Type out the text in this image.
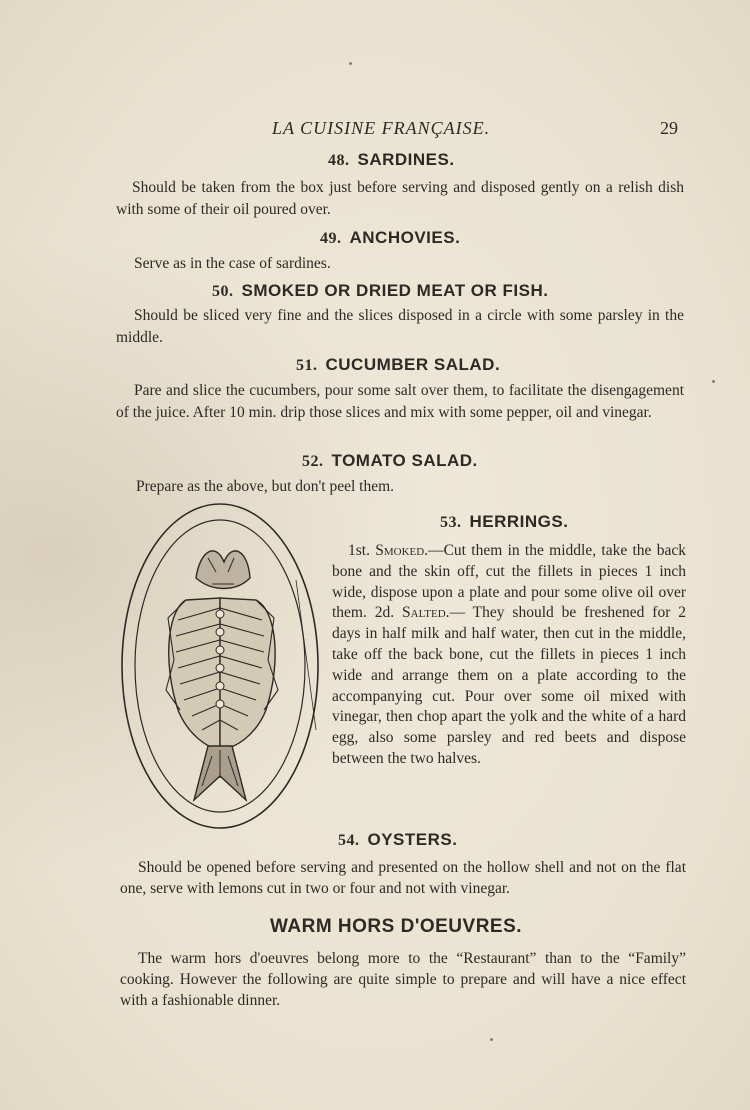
LA CUISINE FRANÇAISE.	29
48. SARDINES.
Should be taken from the box just before serving and disposed gently on a relish dish with some of their oil poured over.
49. ANCHOVIES.
Serve as in the case of sardines.
50. SMOKED OR DRIED MEAT OR FISH.
Should be sliced very fine and the slices disposed in a circle with some parsley in the middle.
51. CUCUMBER SALAD.
Pare and slice the cucumbers, pour some salt over them, to facilitate the disengagement of the juice. After 10 min. drip those slices and mix with some pepper, oil and vinegar.
52. TOMATO SALAD.
Prepare as the above, but don't peel them.
53. HERRINGS.
1st. Smoked.—Cut them in the middle, take the back bone and the skin off, cut the fillets in pieces 1 inch wide, dispose upon a plate and pour some olive oil over them. 2d. Salted.— They should be freshened for 2 days in half milk and half water, then cut in the middle, take off the back bone, cut the fillets in pieces 1 inch wide and arrange them on a plate according to the accompanying cut. Pour over some oil mixed with vinegar, then chop apart the yolk and the white of a hard egg, also some parsley and red beets and dispose between the two halves.
54. OYSTERS.
Should be opened before serving and presented on the hollow shell and not on the flat one, serve with lemons cut in two or four and not with vinegar.
WARM HORS D'OEUVRES.
The warm hors d'oeuvres belong more to the “Restaurant” than to the “Family” cooking. However the following are quite simple to prepare and will have a nice effect with a fashionable dinner.
